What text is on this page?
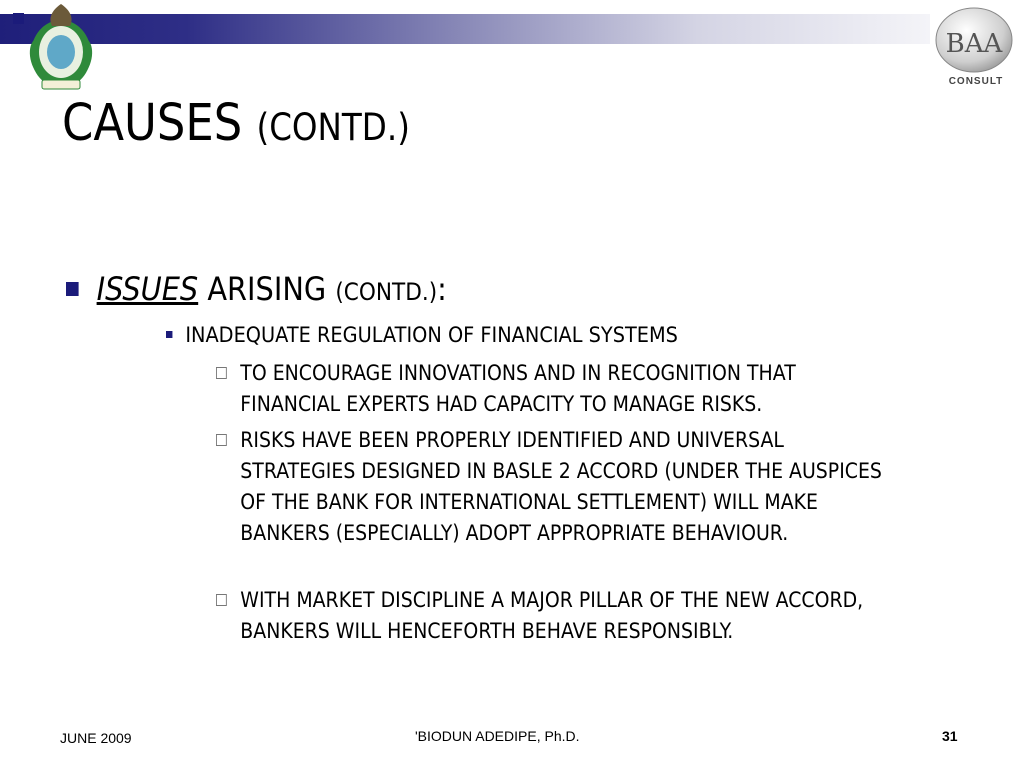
BAA
CONSULT
CAUSES (CONTD.)
ISSUES ARISING (CONTD.):
INADEQUATE REGULATION OF FINANCIAL SYSTEMS
TO ENCOURAGE INNOVATIONS AND IN RECOGNITION THAT FINANCIAL EXPERTS HAD CAPACITY TO MANAGE RISKS.
RISKS HAVE BEEN PROPERLY IDENTIFIED AND UNIVERSAL STRATEGIES DESIGNED IN BASLE 2 ACCORD (UNDER THE AUSPICES OF THE BANK FOR INTERNATIONAL SETTLEMENT) WILL MAKE BANKERS (ESPECIALLY) ADOPT APPROPRIATE BEHAVIOUR.
WITH MARKET DISCIPLINE A MAJOR PILLAR OF THE NEW ACCORD, BANKERS WILL HENCEFORTH BEHAVE RESPONSIBLY.
JUNE 2009	'BIODUN ADEDIPE, Ph.D.	31
